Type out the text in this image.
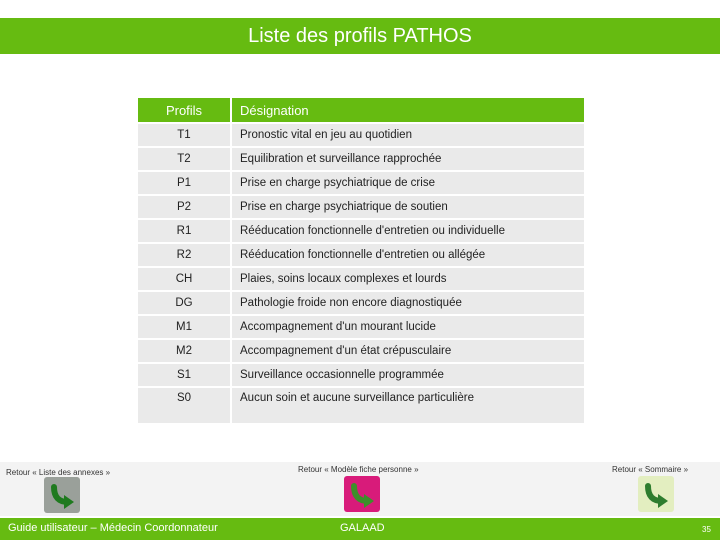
Liste des profils PATHOS
Profils	Désignation
T1	Pronostic vital en jeu au quotidien
T2	Equilibration et surveillance rapprochée
P1	Prise en charge psychiatrique de crise
P2	Prise en charge psychiatrique de soutien
R1	Rééducation fonctionnelle d'entretien ou individuelle
R2	Rééducation fonctionnelle d'entretien ou allégée
CH	Plaies, soins locaux complexes et lourds
DG	Pathologie froide non encore diagnostiquée
M1	Accompagnement d'un mourant lucide
M2	Accompagnement d'un état crépusculaire
S1	Surveillance occasionnelle programmée
S0	Aucun soin et aucune surveillance particulière
Retour « Liste des annexes »	Retour « Modèle fiche personne »	Retour « Sommaire »
Guide utilisateur – Médecin Coordonnateur	GALAAD	35
